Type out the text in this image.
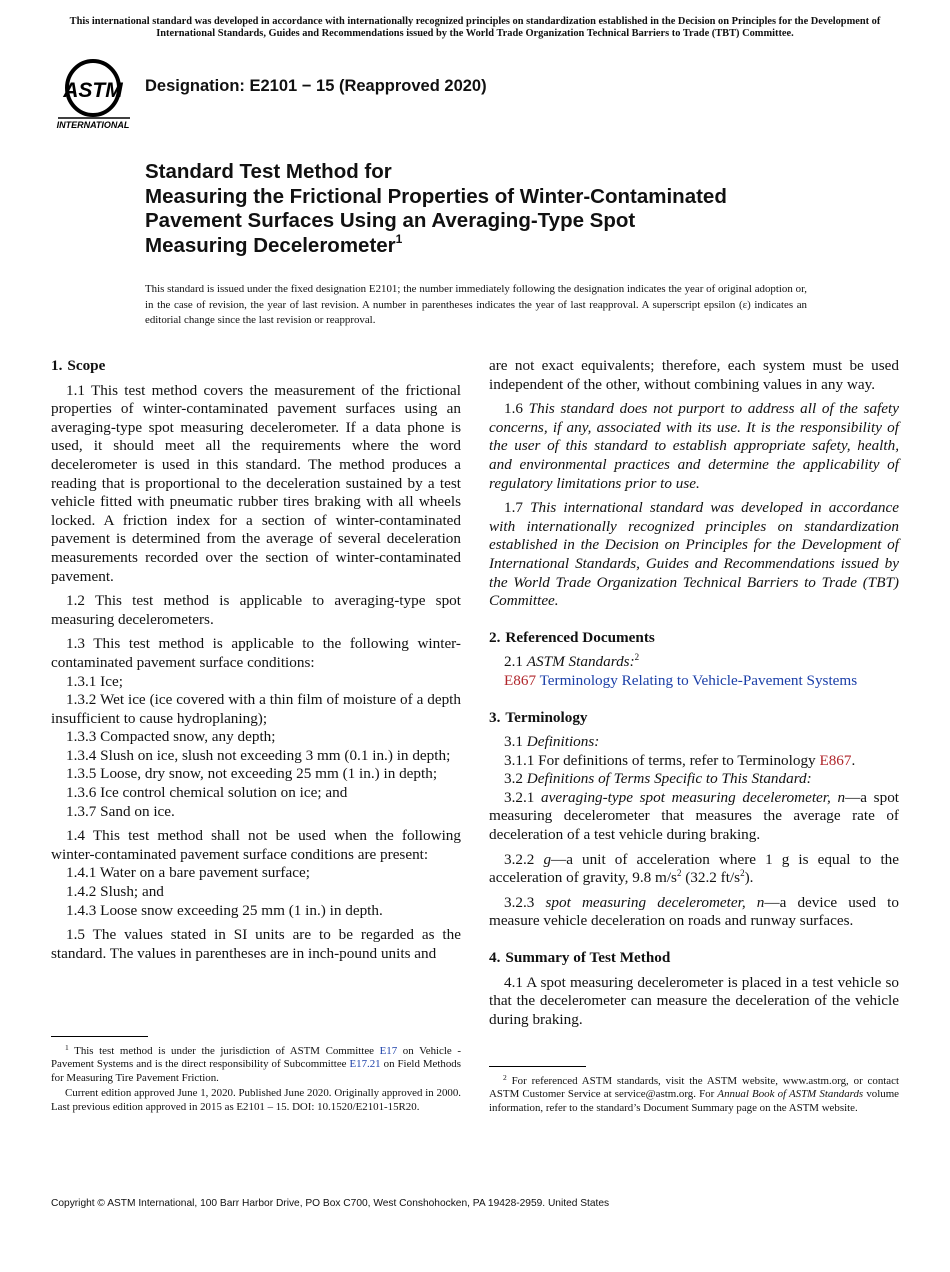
This international standard was developed in accordance with internationally recognized principles on standardization established in the Decision on Principles for the Development of International Standards, Guides and Recommendations issued by the World Trade Organization Technical Barriers to Trade (TBT) Committee.
ASTM
INTERNATIONAL
Designation: E2101 − 15 (Reapproved 2020)
Standard Test Method for
Measuring the Frictional Properties of Winter-Contaminated
Pavement Surfaces Using an Averaging-Type Spot
Measuring Decelerometer$^1$
This standard is issued under the fixed designation E2101; the number immediately following the designation indicates the year of original adoption or, in the case of revision, the year of last revision. A number in parentheses indicates the year of last reapproval. A superscript epsilon (ε) indicates an editorial change since the last revision or reapproval.
1. Scope

1.1 This test method covers the measurement of the frictional properties of winter-contaminated pavement surfaces using an averaging-type spot measuring decelerometer. If a data phone is used, it should meet all the requirements where the word decelerometer is used in this standard. The method produces a reading that is proportional to the deceleration sustained by a test vehicle fitted with pneumatic rubber tires braking with all wheels locked. A friction index for a section of winter-contaminated pavement is determined from the average of several deceleration measurements recorded over the section of winter-contaminated pavement.

1.2 This test method is applicable to averaging-type spot measuring decelerometers.

1.3 This test method is applicable to the following winter-contaminated pavement surface conditions:

1.3.1 Ice;

1.3.2 Wet ice (ice covered with a thin film of moisture of a depth insufficient to cause hydroplaning);

1.3.3 Compacted snow, any depth;

1.3.4 Slush on ice, slush not exceeding 3 mm (0.1 in.) in depth;

1.3.5 Loose, dry snow, not exceeding 25 mm (1 in.) in depth;

1.3.6 Ice control chemical solution on ice; and

1.3.7 Sand on ice.

1.4 This test method shall not be used when the following winter-contaminated pavement surface conditions are present:

1.4.1 Water on a bare pavement surface;

1.4.2 Slush; and

1.4.3 Loose snow exceeding 25 mm (1 in.) in depth.

1.5 The values stated in SI units are to be regarded as the standard. The values in parentheses are in inch-pound units and

are not exact equivalents; therefore, each system must be used independent of the other, without combining values in any way.

1.6 This standard does not purport to address all of the safety concerns, if any, associated with its use. It is the responsibility of the user of this standard to establish appropriate safety, health, and environmental practices and determine the applicability of regulatory limitations prior to use.

1.7 This international standard was developed in accordance with internationally recognized principles on standardization established in the Decision on Principles for the Development of International Standards, Guides and Recommendations issued by the World Trade Organization Technical Barriers to Trade (TBT) Committee.

2. Referenced Documents

2.1 ASTM Standards:$^2$

E867 Terminology Relating to Vehicle-Pavement Systems

3. Terminology

3.1 Definitions:

3.1.1 For definitions of terms, refer to Terminology E867.

3.2 Definitions of Terms Specific to This Standard:

3.2.1 averaging-type spot measuring decelerometer, n—a spot measuring decelerometer that measures the average rate of deceleration of a test vehicle during braking.

3.2.2 g—a unit of acceleration where 1 g is equal to the acceleration of gravity, 9.8 $m/s^2$ (32.2 $ft/s^2$).

3.2.3 spot measuring decelerometer, n—a device used to measure vehicle deceleration on roads and runway surfaces.

4. Summary of Test Method

4.1 A spot measuring decelerometer is placed in a test vehicle so that the decelerometer can measure the deceleration of the vehicle during braking.

$^1$ This test method is under the jurisdiction of ASTM Committee E17 on Vehicle - Pavement Systems and is the direct responsibility of Subcommittee E17.21 on Field Methods for Measuring Tire Pavement Friction.

Current edition approved June 1, 2020. Published June 2020. Originally approved in 2000. Last previous edition approved in 2015 as E2101 – 15. DOI: 10.1520/E2101-15R20.

$^2$ For referenced ASTM standards, visit the ASTM website, www.astm.org, or contact ASTM Customer Service at service@astm.org. For Annual Book of ASTM Standards volume information, refer to the standard’s Document Summary page on the ASTM website.

Copyright © ASTM International, 100 Barr Harbor Drive, PO Box C700, West Conshohocken, PA 19428-2959. United States
